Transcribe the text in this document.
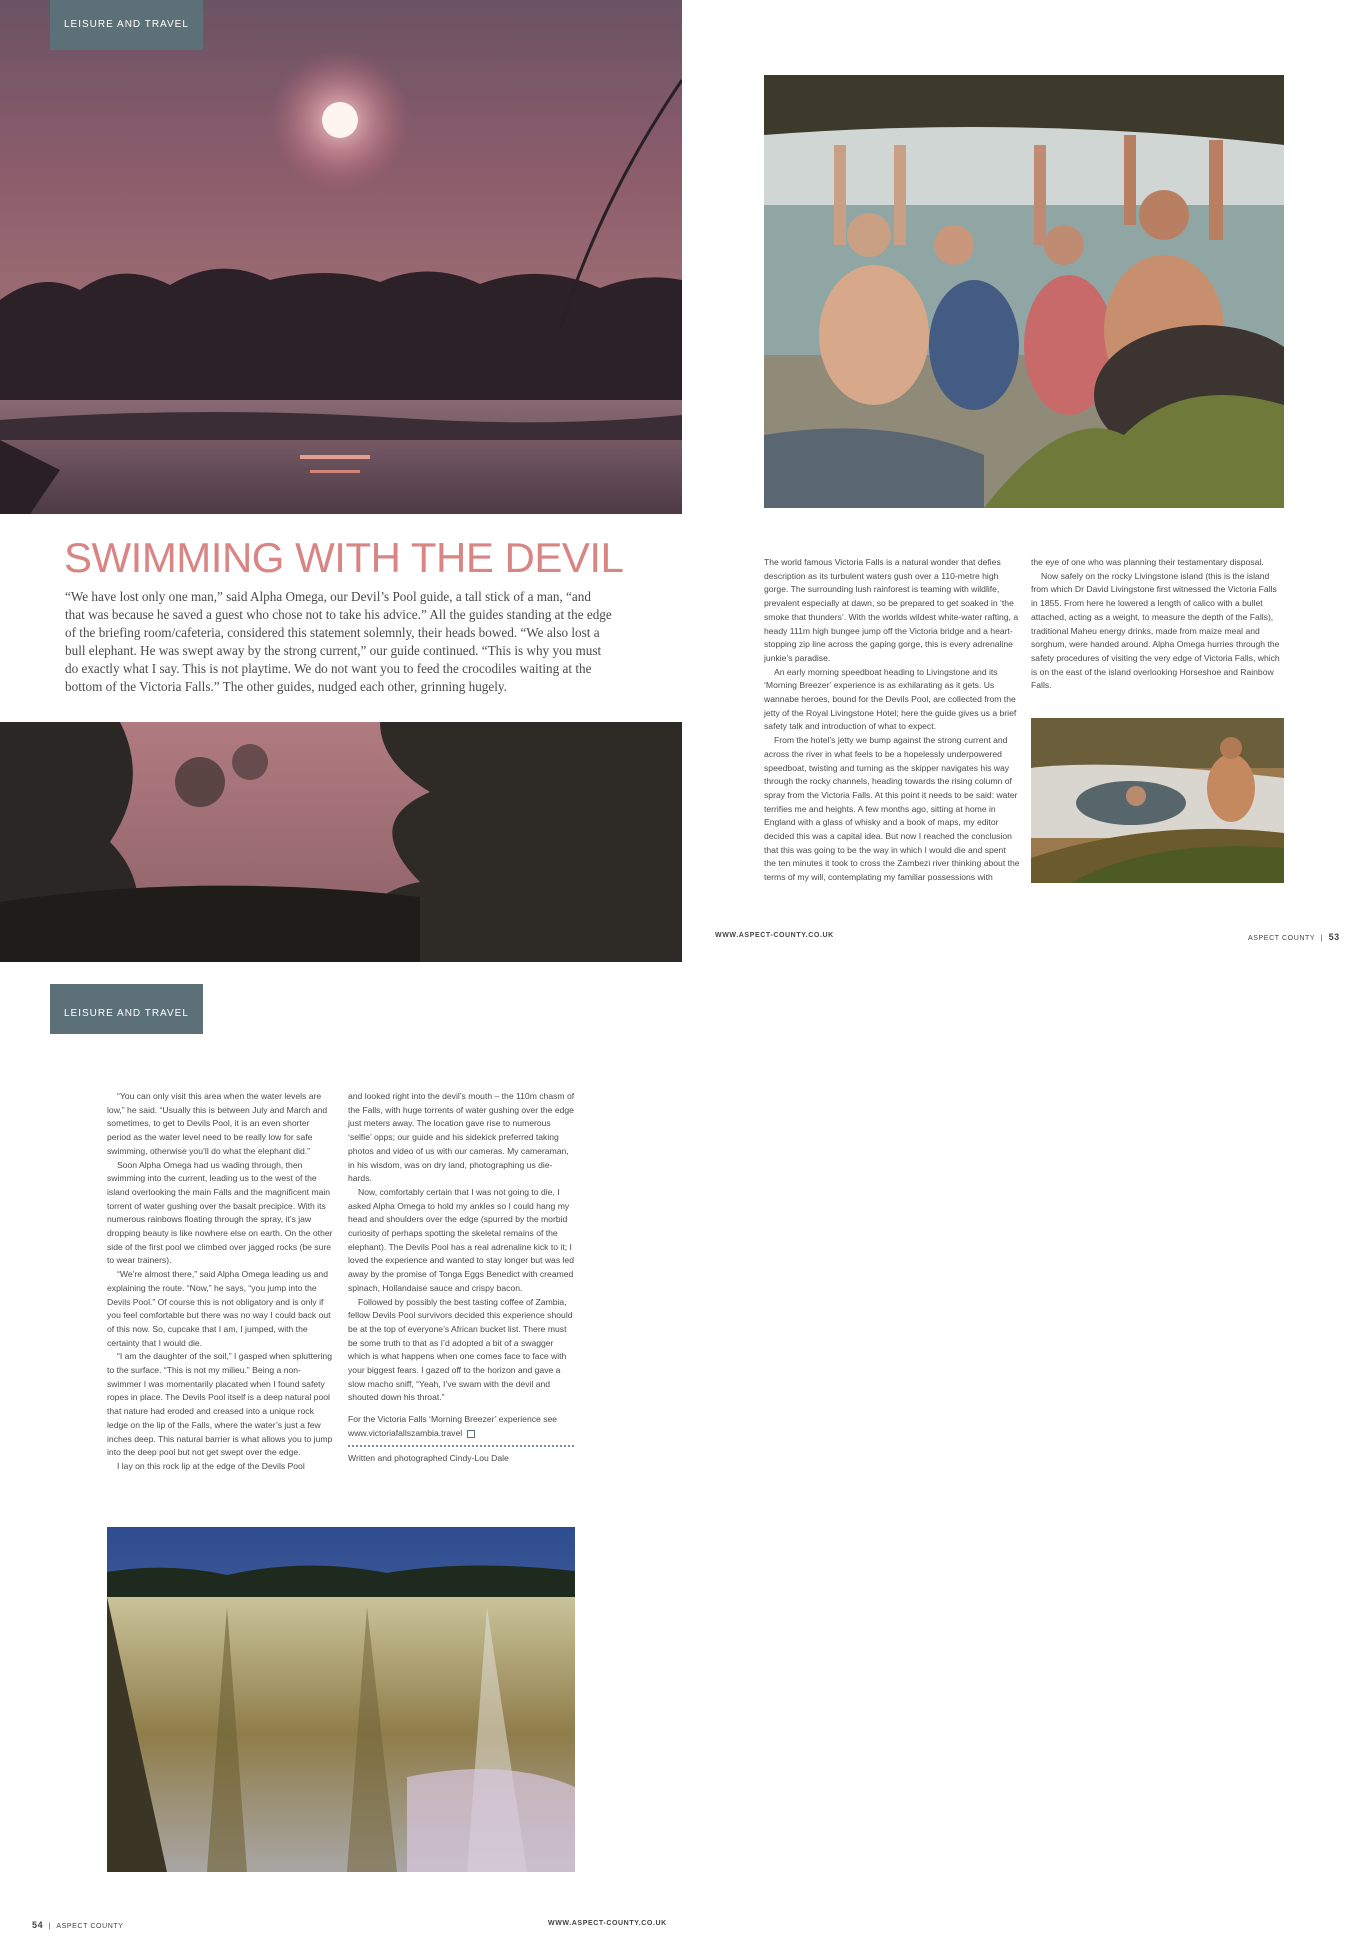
LEISURE AND TRAVEL
SWIMMING WITH THE DEVIL
“We have lost only one man,” said Alpha Omega, our Devil’s Pool guide, a tall stick of a man, “and that was because he saved a guest who chose not to take his advice.” All the guides standing at the edge of the briefing room/cafeteria, considered this statement solemnly, their heads bowed. “We also lost a bull elephant. He was swept away by the strong current,” our guide continued. “This is why you must do exactly what I say. This is not playtime. We do not want you to feed the crocodiles waiting at the bottom of the Victoria Falls.” The other guides, nudged each other, grinning hugely.

The world famous Victoria Falls is a natural wonder that defies description as its turbulent waters gush over a 110-metre high gorge. The surrounding lush rainforest is teaming with wildlife, prevalent especially at dawn, so be prepared to get soaked in ‘the smoke that thunders’. With the worlds wildest white-water rafting, a heady 111m high bungee jump off the Victoria bridge and a heart-stopping zip line across the gaping gorge, this is every adrenaline junkie’s paradise.

An early morning speedboat heading to Livingstone and its ‘Morning Breezer’ experience is as exhilarating as it gets. Us wannabe heroes, bound for the Devils Pool, are collected from the jetty of the Royal Livingstone Hotel; here the guide gives us a brief safety talk and introduction of what to expect.

From the hotel’s jetty we bump against the strong current and across the river in what feels to be a hopelessly underpowered speedboat, twisting and turning as the skipper navigates his way through the rocky channels, heading towards the rising column of spray from the Victoria Falls. At this point it needs to be said: water terrifies me and heights. A few months ago, sitting at home in England with a glass of whisky and a book of maps, my editor decided this was a capital idea. But now I reached the conclusion that this was going to be the way in which I would die and spent the ten minutes it took to cross the Zambezi river thinking about the terms of my will, contemplating my familiar possessions with

the eye of one who was planning their testamentary disposal.

Now safely on the rocky Livingstone island (this is the island from which Dr David Livingstone first witnessed the Victoria Falls in 1855. From here he lowered a length of calico with a bullet attached, acting as a weight, to measure the depth of the Falls), traditional Maheu energy drinks, made from maize meal and sorghum, were handed around. Alpha Omega hurries through the safety procedures of visiting the very edge of Victoria Falls, which is on the east of the island overlooking Horseshoe and Rainbow Falls.

WWW.ASPECT-COUNTY.CO.UK	ASPECT COUNTY | 53
LEISURE AND TRAVEL

“You can only visit this area when the water levels are low,” he said. “Usually this is between July and March and sometimes, to get to Devils Pool, it is an even shorter period as the water level need to be really low for safe swimming, otherwise you’ll do what the elephant did.”

Soon Alpha Omega had us wading through, then swimming into the current, leading us to the west of the island overlooking the main Falls and the magnificent main torrent of water gushing over the basalt precipice. With its numerous rainbows floating through the spray, it’s jaw dropping beauty is like nowhere else on earth. On the other side of the first pool we climbed over jagged rocks (be sure to wear trainers).

“We’re almost there,” said Alpha Omega leading us and explaining the route. “Now,” he says, “you jump into the Devils Pool.” Of course this is not obligatory and is only if you feel comfortable but there was no way I could back out of this now. So, cupcake that I am, I jumped, with the certainty that I would die.

“I am the daughter of the soil,” I gasped when spluttering to the surface. “This is not my milieu.” Being a non-swimmer I was momentarily placated when I found safety ropes in place. The Devils Pool itself is a deep natural pool that nature had eroded and creased into a unique rock ledge on the lip of the Falls, where the water’s just a few inches deep. This natural barrier is what allows you to jump into the deep pool but not get swept over the edge.

I lay on this rock lip at the edge of the Devils Pool

and looked right into the devil’s mouth – the 110m chasm of the Falls, with huge torrents of water gushing over the edge just meters away. The location gave rise to numerous ‘selfie’ opps; our guide and his sidekick preferred taking photos and video of us with our cameras. My cameraman, in his wisdom, was on dry land, photographing us die-hards.

Now, comfortably certain that I was not going to die, I asked Alpha Omega to hold my ankles so I could hang my head and shoulders over the edge (spurred by the morbid curiosity of perhaps spotting the skeletal remains of the elephant). The Devils Pool has a real adrenaline kick to it; I loved the experience and wanted to stay longer but was led away by the promise of Tonga Eggs Benedict with creamed spinach, Hollandaise sauce and crispy bacon.

Followed by possibly the best tasting coffee of Zambia, fellow Devils Pool survivors decided this experience should be at the top of everyone’s African bucket list. There must be some truth to that as I’d adopted a bit of a swagger which is what happens when one comes face to face with your biggest fears. I gazed off to the horizon and gave a slow macho sniff, “Yeah, I’ve swam with the devil and shouted down his throat.”

For the Victoria Falls ‘Morning Breezer’ experience see

www.victoriafallszambia.travel

Written and photographed Cindy-Lou Dale

54 | ASPECT COUNTY	WWW.ASPECT-COUNTY.CO.UK
